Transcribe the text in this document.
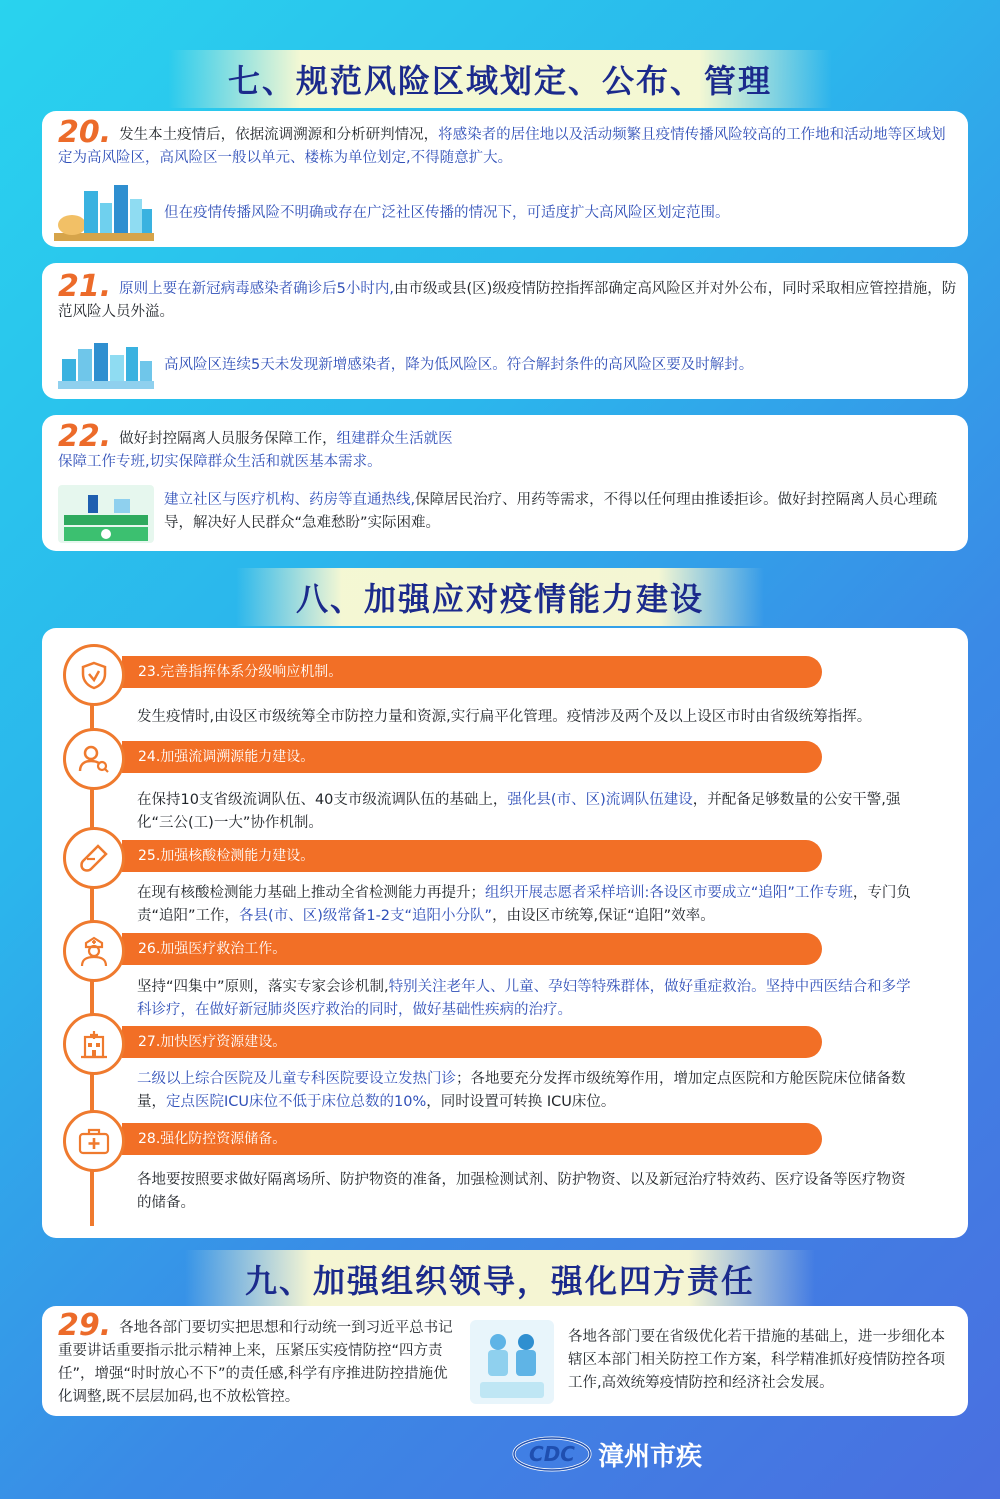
七、规范风险区域划定、公布、管理
20. 发生本土疫情后，依据流调溯源和分析研判情况，将感染者的居住地以及活动频繁且疫情传播风险较高的工作地和活动地等区域划定为高风险区，高风险区一般以单元、楼栋为单位划定,不得随意扩大。
但在疫情传播风险不明确或存在广泛社区传播的情况下，可适度扩大高风险区划定范围。
21. 原则上要在新冠病毒感染者确诊后5小时内,由市级或县(区)级疫情防控指挥部确定高风险区并对外公布，同时采取相应管控措施，防范风险人员外溢。
高风险区连续5天未发现新增感染者，降为低风险区。符合解封条件的高风险区要及时解封。
22. 做好封控隔离人员服务保障工作，组建群众生活就医
保障工作专班,切实保障群众生活和就医基本需求。
建立社区与医疗机构、药房等直通热线,保障居民治疗、用药等需求，不得以任何理由推诿拒诊。做好封控隔离人员心理疏导，解决好人民群众“急难愁盼”实际困难。
八、加强应对疫情能力建设
23.完善指挥体系分级响应机制。
发生疫情时,由设区市级统筹全市防控力量和资源,实行扁平化管理。疫情涉及两个及以上设区市时由省级统筹指挥。
24.加强流调溯源能力建设。
在保持10支省级流调队伍、40支市级流调队伍的基础上，强化县(市、区)流调队伍建设，并配备足够数量的公安干警,强化“三公(工)一大”协作机制。
25.加强核酸检测能力建设。
在现有核酸检测能力基础上推动全省检测能力再提升；组织开展志愿者采样培训:各设区市要成立“追阳”工作专班，专门负责“追阳”工作，各县(市、区)级常备1-2支“追阳小分队”，由设区市统筹,保证“追阳”效率。
26.加强医疗救治工作。
坚持“四集中”原则，落实专家会诊机制,特别关注老年人、儿童、孕妇等特殊群体，做好重症救治。坚持中西医结合和多学科诊疗，在做好新冠肺炎医疗救治的同时，做好基础性疾病的治疗。
27.加快医疗资源建设。
二级以上综合医院及儿童专科医院要设立发热门诊；各地要充分发挥市级统筹作用，增加定点医院和方舱医院床位储备数量，定点医院ICU床位不低于床位总数的10%，同时设置可转换 ICU床位。
28.强化防控资源储备。
各地要按照要求做好隔离场所、防护物资的准备，加强检测试剂、防护物资、以及新冠治疗特效药、医疗设备等医疗物资的储备。
九、加强组织领导，强化四方责任
29. 各地各部门要切实把思想和行动统一到习近平总书记重要讲话重要指示批示精神上来，压紧压实疫情防控“四方责任”，增强“时时放心不下”的责任感,科学有序推进防控措施优化调整,既不层层加码,也不放松管控。
各地各部门要在省级优化若干措施的基础上，进一步细化本辖区本部门相关防控工作方案，科学精准抓好疫情防控各项工作,高效统筹疫情防控和经济社会发展。
CDC 漳州市疾
